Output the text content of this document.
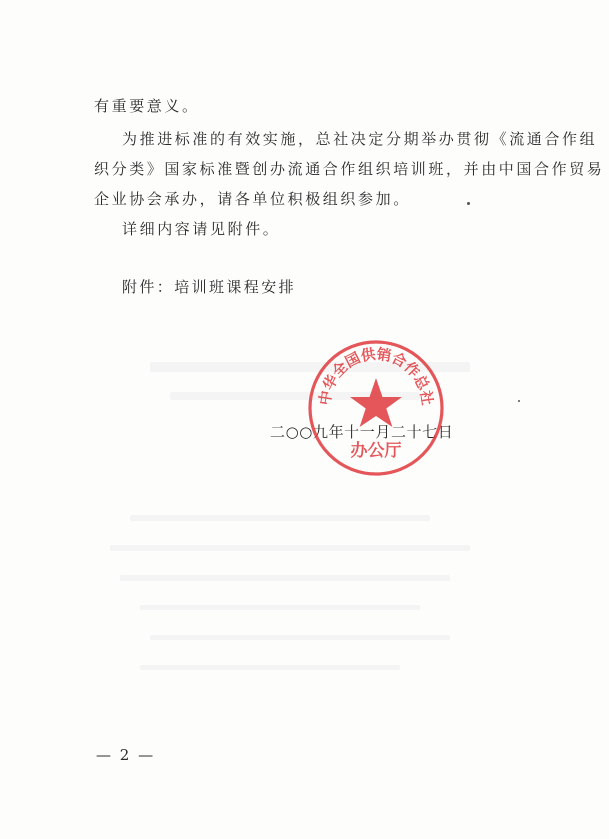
有重要意义。
为推进标准的有效实施，总社决定分期举办贯彻《流通合作组
织分类》国家标准暨创办流通合作组织培训班，并由中国合作贸易
企业协会承办，请各单位积极组织参加。
详细内容请见附件。
附件：培训班课程安排
二○○九年十一月二十七日
中华全国供销合作总社
办公厅
— 2 —
